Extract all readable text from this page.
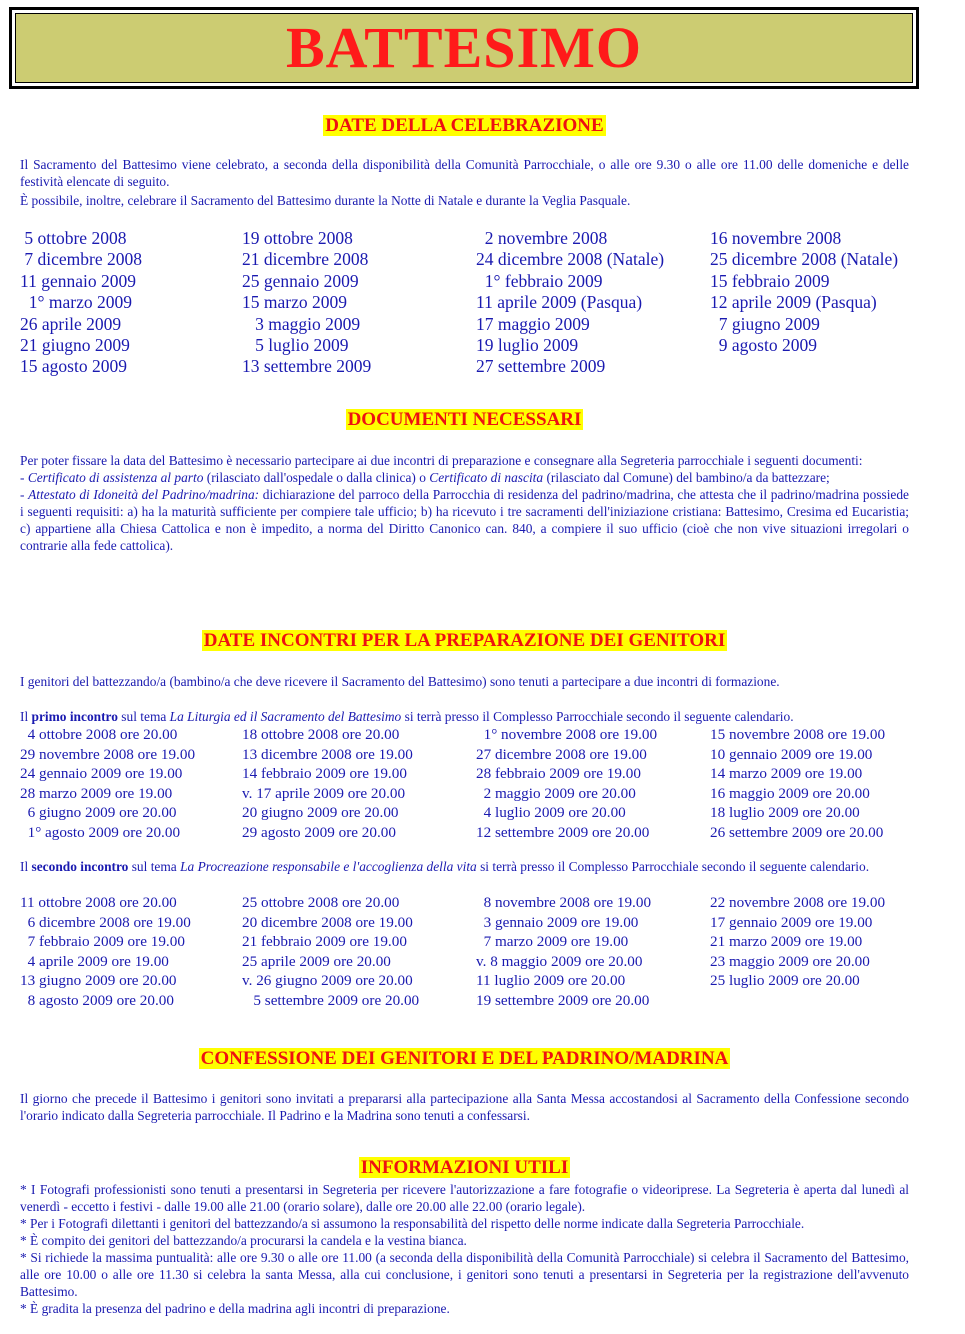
BATTESIMO
DATE DELLA CELEBRAZIONE

Il Sacramento del Battesimo viene celebrato, a seconda della disponibilità della Comunità Parrocchiale, o alle ore 9.30 o alle ore 11.00 delle domeniche e delle festività elencate di seguito.

È possibile, inoltre, celebrare il Sacramento del Battesimo durante la Notte di Natale e durante la Veglia Pasquale.

5 ottobre 2008	19 ottobre 2008	2 novembre 2008	16 novembre 2008
7 dicembre 2008	21 dicembre 2008	24 dicembre 2008 (Natale)	25 dicembre 2008 (Natale)
11 gennaio 2009	25 gennaio 2009	1° febbraio 2009	15 febbraio 2009
1° marzo 2009	15 marzo 2009	11 aprile 2009 (Pasqua)	12 aprile 2009 (Pasqua)
26 aprile 2009	3 maggio 2009	17 maggio 2009	7 giugno 2009
21 giugno 2009	5 luglio 2009	19 luglio 2009	9 agosto 2009
15 agosto 2009	13 settembre 2009	27 settembre 2009
DOCUMENTI NECESSARI

Per poter fissare la data del Battesimo è necessario partecipare ai due incontri di preparazione e consegnare alla Segreteria parrocchiale i seguenti documenti:

- Certificato di assistenza al parto (rilasciato dall'ospedale o dalla clinica) o Certificato di nascita (rilasciato dal Comune) del bambino/a da battezzare;

- Attestato di Idoneità del Padrino/madrina: dichiarazione del parroco della Parrocchia di residenza del padrino/madrina, che attesta che il padrino/madrina possiede i seguenti requisiti: a) ha la maturità sufficiente per compiere tale ufficio; b) ha ricevuto i tre sacramenti dell'iniziazione cristiana: Battesimo, Cresima ed Eucaristia; c) appartiene alla Chiesa Cattolica e non è impedito, a norma del Diritto Canonico can. 840, a compiere il suo ufficio (cioè che non vive situazioni irregolari o contrarie alla fede cattolica).

DATE INCONTRI PER LA PREPARAZIONE DEI GENITORI

I genitori del battezzando/a (bambino/a che deve ricevere il Sacramento del Battesimo) sono tenuti a partecipare a due incontri di formazione.

Il primo incontro sul tema La Liturgia ed il Sacramento del Battesimo si terrà presso il Complesso Parrocchiale secondo il seguente calendario.

4 ottobre 2008 ore 20.00	18 ottobre 2008 ore 20.00	1° novembre 2008 ore 19.00	15 novembre 2008 ore 19.00
29 novembre 2008 ore 19.00	13 dicembre 2008 ore 19.00	27 dicembre 2008 ore 19.00	10 gennaio 2009 ore 19.00
24 gennaio 2009 ore 19.00	14 febbraio 2009 ore 19.00	28 febbraio 2009 ore 19.00	14 marzo 2009 ore 19.00
28 marzo 2009 ore 19.00	v. 17 aprile 2009 ore 20.00	2 maggio 2009 ore 20.00	16 maggio 2009 ore 20.00
6 giugno 2009 ore 20.00	20 giugno 2009 ore 20.00	4 luglio 2009 ore 20.00	18 luglio 2009 ore 20.00
1° agosto 2009 ore 20.00	29 agosto 2009 ore 20.00	12 settembre 2009 ore 20.00	26 settembre 2009 ore 20.00

Il secondo incontro sul tema La Procreazione responsabile e l'accoglienza della vita si terrà presso il Complesso Parrocchiale secondo il seguente calendario.

11 ottobre 2008 ore 20.00	25 ottobre 2008 ore 20.00	8 novembre 2008 ore 19.00	22 novembre 2008 ore 19.00
6 dicembre 2008 ore 19.00	20 dicembre 2008 ore 19.00	3 gennaio 2009 ore 19.00	17 gennaio 2009 ore 19.00
7 febbraio 2009 ore 19.00	21 febbraio 2009 ore 19.00	7 marzo 2009 ore 19.00	21 marzo 2009 ore 19.00
4 aprile 2009 ore 19.00	25 aprile 2009 ore 20.00	v. 8 maggio 2009 ore 20.00	23 maggio 2009 ore 20.00
13 giugno 2009 ore 20.00	v. 26 giugno 2009 ore 20.00	11 luglio 2009 ore 20.00	25 luglio 2009 ore 20.00
8 agosto 2009 ore 20.00	5 settembre 2009 ore 20.00	19 settembre 2009 ore 20.00
CONFESSIONE DEI GENITORI E DEL PADRINO/MADRINA

Il giorno che precede il Battesimo i genitori sono invitati a prepararsi alla partecipazione alla Santa Messa accostandosi al Sacramento della Confessione secondo l'orario indicato dalla Segreteria parrocchiale. Il Padrino e la Madrina sono tenuti a confessarsi.

INFORMAZIONI UTILI

* I Fotografi professionisti sono tenuti a presentarsi in Segreteria per ricevere l'autorizzazione a fare fotografie o videoriprese. La Segreteria è aperta dal lunedì al venerdì - eccetto i festivi - dalle 19.00 alle 21.00 (orario solare), dalle ore 20.00 alle 22.00 (orario legale).

* Per i Fotografi dilettanti i genitori del battezzando/a si assumono la responsabilità del rispetto delle norme indicate dalla Segreteria Parrocchiale.

* È compito dei genitori del battezzando/a procurarsi la candela e la vestina bianca.

* Si richiede la massima puntualità: alle ore 9.30 o alle ore 11.00 (a seconda della disponibilità della Comunità Parrocchiale) si celebra il Sacramento del Battesimo, alle ore 10.00 o alle ore 11.30 si celebra la santa Messa, alla cui conclusione, i genitori sono tenuti a presentarsi in Segreteria per la registrazione dell'avvenuto Battesimo.

* È gradita la presenza del padrino e della madrina agli incontri di preparazione.
